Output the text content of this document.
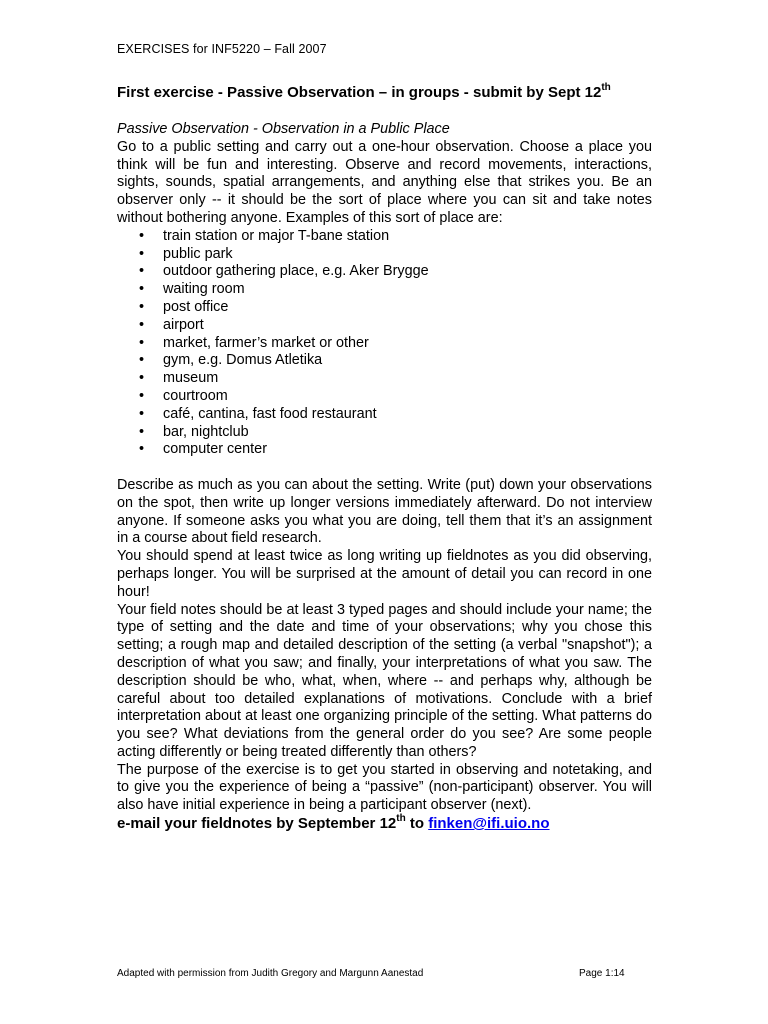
EXERCISES for INF5220 – Fall 2007
First exercise - Passive Observation – in groups - submit by Sept 12th

Passive Observation - Observation in a Public Place

Go to a public setting and carry out a one-hour observation. Choose a place you think will be fun and interesting. Observe and record movements, interactions, sights, sounds, spatial arrangements, and anything else that strikes you. Be an observer only -- it should be the sort of place where you can sit and take notes without bothering anyone. Examples of this sort of place are:

• train station or major T-bane station
• public park
• outdoor gathering place, e.g. Aker Brygge
• waiting room
• post office
• airport
• market, farmer’s market or other
• gym, e.g. Domus Atletika
• museum
• courtroom
• café, cantina, fast food restaurant
• bar, nightclub
• computer center

Describe as much as you can about the setting. Write (put) down your observations on the spot, then write up longer versions immediately afterward. Do not interview anyone. If someone asks you what you are doing, tell them that it’s an assignment in a course about field research.

You should spend at least twice as long writing up fieldnotes as you did observing, perhaps longer. You will be surprised at the amount of detail you can record in one hour!

Your field notes should be at least 3 typed pages and should include your name; the type of setting and the date and time of your observations; why you chose this setting; a rough map and detailed description of the setting (a verbal "snapshot"); a description of what you saw; and finally, your interpretations of what you saw. The description should be who, what, when, where -- and perhaps why, although be careful about too detailed explanations of motivations. Conclude with a brief interpretation about at least one organizing principle of the setting. What patterns do you see? What deviations from the general order do you see? Are some people acting differently or being treated differently than others?

The purpose of the exercise is to get you started in observing and notetaking, and to give you the experience of being a “passive” (non-participant) observer. You will also have initial experience in being a participant observer (next).

e-mail your fieldnotes by September 12th to finken@ifi.uio.no

Adapted with permission from Judith Gregory and Margunn Aanestad	Page 1:14
